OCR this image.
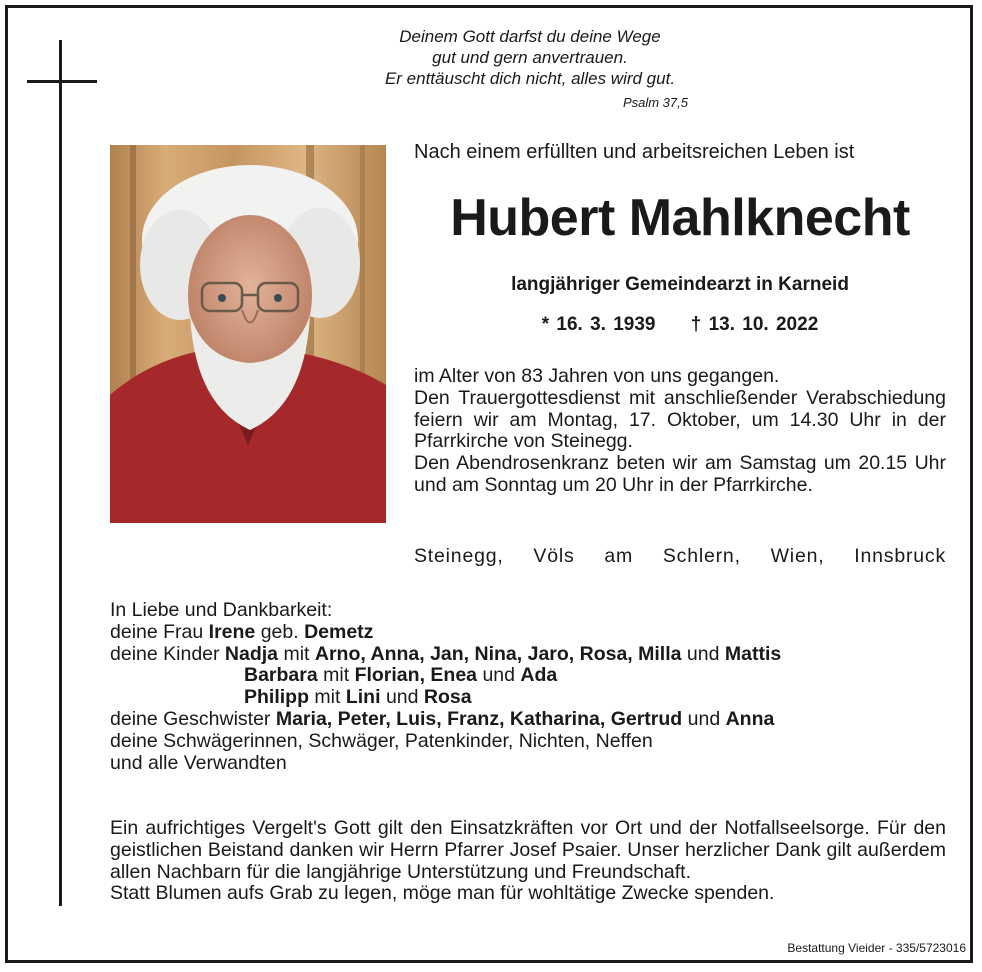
Deinem Gott darfst du deine Wege
gut und gern anvertrauen.
Er enttäuscht dich nicht, alles wird gut.
Psalm 37,5
Nach einem erfüllten und arbeitsreichen Leben ist
Hubert Mahlknecht
langjähriger Gemeindearzt in Karneid
* 16. 3. 1939 † 13. 10. 2022

im Alter von 83 Jahren von uns gegangen.

Den Trauergottesdienst mit anschließender Verabschiedung feiern wir am Montag, 17. Oktober, um 14.30 Uhr in der Pfarrkirche von Steinegg.

Den Abendrosenkranz beten wir am Samstag um 20.15 Uhr und am Sonntag um 20 Uhr in der Pfarrkirche.

Steinegg, Völs am Schlern, Wien, Innsbruck
In Liebe und Dankbarkeit:
deine Frau Irene geb. Demetz
deine Kinder Nadja mit Arno, Anna, Jan, Nina, Jaro, Rosa, Milla und Mattis
Barbara mit Florian, Enea und Ada
Philipp mit Lini und Rosa
deine Geschwister Maria, Peter, Luis, Franz, Katharina, Gertrud und Anna
deine Schwägerinnen, Schwäger, Patenkinder, Nichten, Neffen
und alle Verwandten

Ein aufrichtiges Vergelt's Gott gilt den Einsatzkräften vor Ort und der Notfallseelsorge. Für den geistlichen Beistand danken wir Herrn Pfarrer Josef Psaier. Unser herzlicher Dank gilt außerdem allen Nachbarn für die langjährige Unterstützung und Freundschaft.

Statt Blumen aufs Grab zu legen, möge man für wohltätige Zwecke spenden.

Bestattung Vieider - 335/5723016
